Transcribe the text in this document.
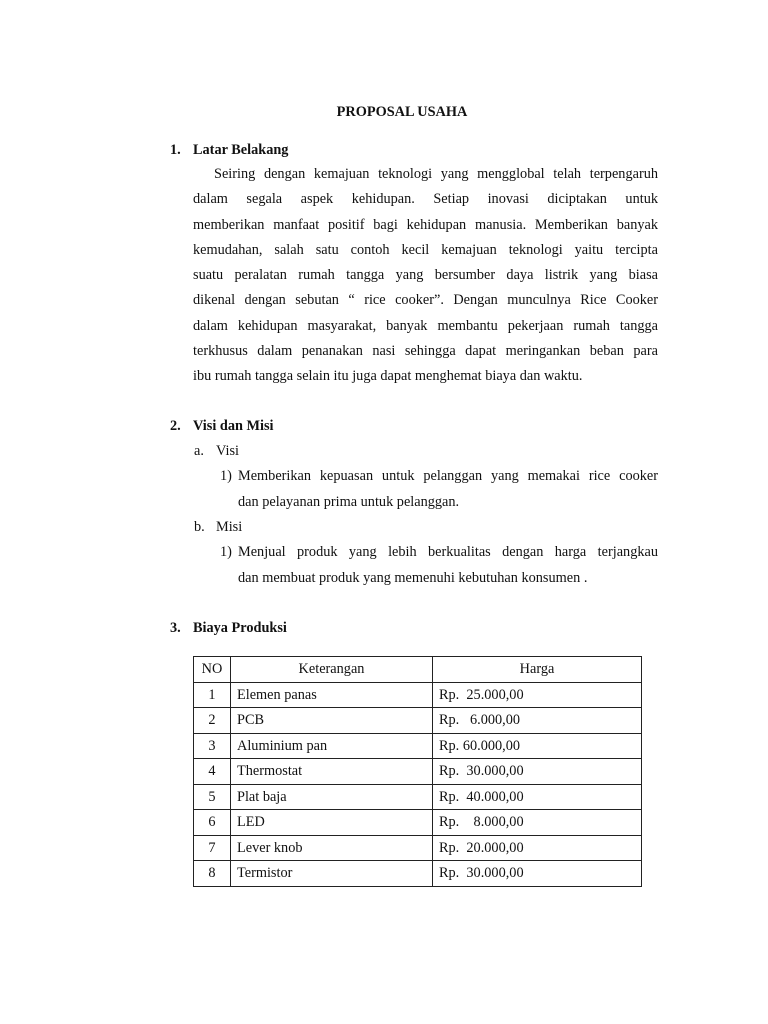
PROPOSAL USAHA
1. Latar Belakang
Seiring dengan kemajuan teknologi yang mengglobal telah terpengaruh
dalam segala aspek kehidupan. Setiap inovasi diciptakan untuk
memberikan manfaat positif bagi kehidupan manusia. Memberikan banyak
kemudahan, salah satu contoh kecil kemajuan teknologi yaitu tercipta
suatu peralatan rumah tangga yang bersumber daya listrik yang biasa
dikenal dengan sebutan “ rice cooker”. Dengan munculnya Rice Cooker
dalam kehidupan masyarakat, banyak membantu pekerjaan rumah tangga
terkhusus dalam penanakan nasi sehingga dapat meringankan beban para
ibu rumah tangga selain itu juga dapat menghemat biaya dan waktu.
2. Visi dan Misi
a. Visi
1) Memberikan kepuasan untuk pelanggan yang memakai rice cooker
dan pelayanan prima untuk pelanggan.
b. Misi
1) Menjual produk yang lebih berkualitas dengan harga terjangkau
dan membuat produk yang memenuhi kebutuhan konsumen .
3. Biaya Produksi
NO	Keterangan	Harga
1	Elemen panas	Rp.  25.000,00
2	PCB	Rp.   6.000,00
3	Aluminium pan	Rp. 60.000,00
4	Thermostat	Rp.  30.000,00
5	Plat baja	Rp.  40.000,00
6	LED	Rp.    8.000,00
7	Lever knob	Rp.  20.000,00
8	Termistor	Rp.  30.000,00
